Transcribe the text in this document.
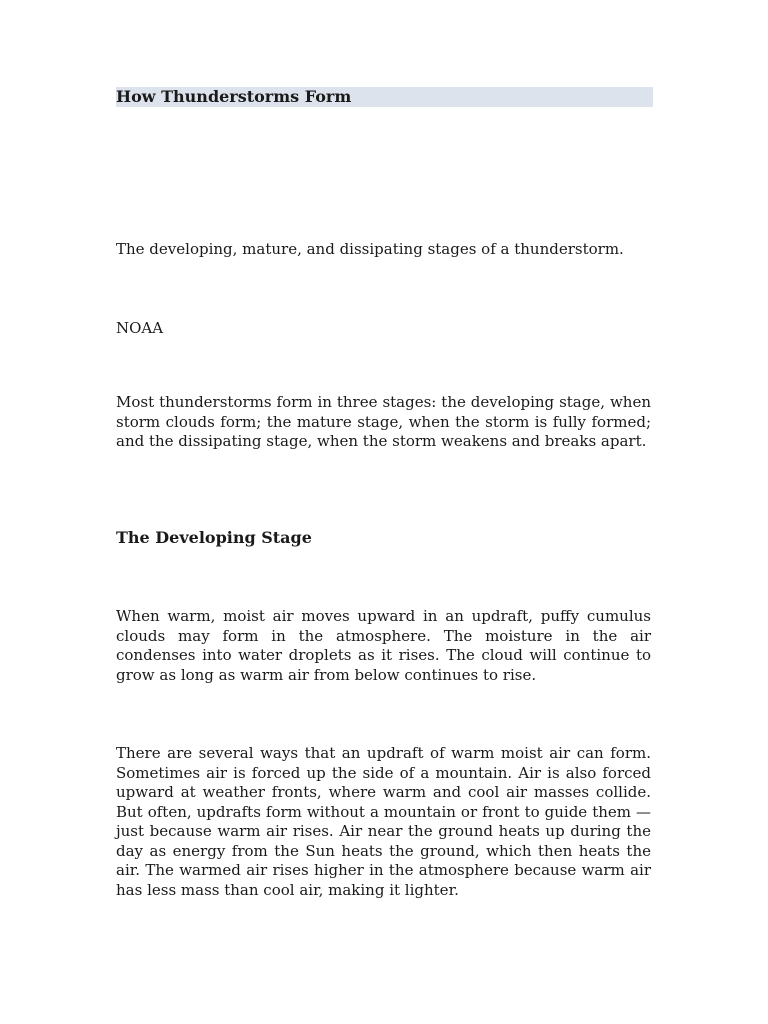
How Thunderstorms Form
The developing, mature, and dissipating stages of a thunderstorm.
NOAA

Most thunderstorms form in three stages: the developing stage, when storm clouds form; the mature stage, when the storm is fully formed; and the dissipating stage, when the storm weakens and breaks apart.

The Developing Stage

When warm, moist air moves upward in an updraft, puffy cumulus clouds may form in the atmosphere. The moisture in the air condenses into water droplets as it rises. The cloud will continue to grow as long as warm air from below continues to rise.

There are several ways that an updraft of warm moist air can form. Sometimes air is forced up the side of a mountain. Air is also forced upward at weather fronts, where warm and cool air masses collide. But often, updrafts form without a mountain or front to guide them — just because warm air rises. Air near the ground heats up during the day as energy from the Sun heats the ground, which then heats the air. The warmed air rises higher in the atmosphere because warm air has less mass than cool air, making it lighter.
